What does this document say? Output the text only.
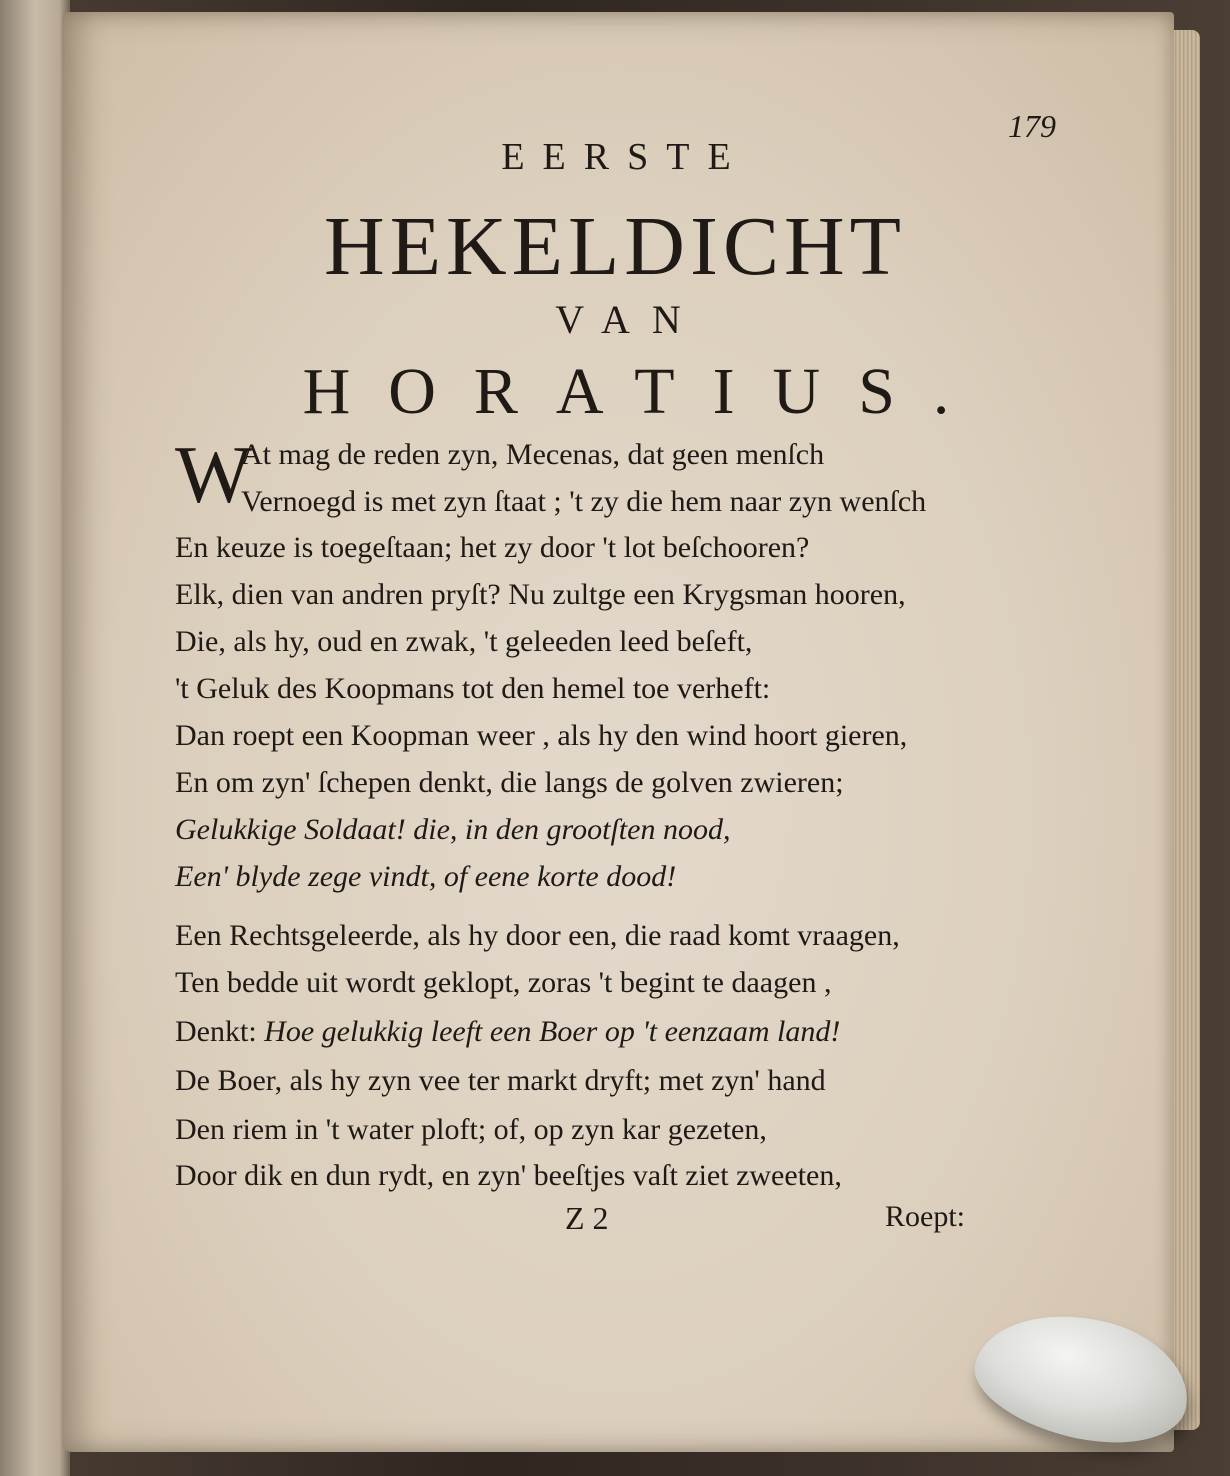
179
EERSTE
HEKELDICHT
VAN
HORATIUS.
W
At mag de reden zyn, Mecenas, dat geen menſch
Vernoegd is met zyn ſtaat ; 't zy die hem naar zyn wenſch
En keuze is toegeſtaan; het zy door 't lot beſchooren?
Elk, dien van andren pryſt? Nu zultge een Krygsman hooren,
Die, als hy, oud en zwak, 't geleeden leed beſeft,
't Geluk des Koopmans tot den hemel toe verheft:
Dan roept een Koopman weer , als hy den wind hoort gieren,
En om zyn' ſchepen denkt, die langs de golven zwieren;
Gelukkige Soldaat! die, in den grootſten nood,
Een' blyde zege vindt, of eene korte dood!
Een Rechtsgeleerde, als hy door een, die raad komt vraagen,
Ten bedde uit wordt geklopt, zoras 't begint te daagen ,
Denkt: Hoe gelukkig leeft een Boer op 't eenzaam land!
De Boer, als hy zyn vee ter markt dryft; met zyn' hand
Den riem in 't water ploft; of, op zyn kar gezeten,
Door dik en dun rydt, en zyn' beeſtjes vaſt ziet zweeten,
Z 2	Roept:
